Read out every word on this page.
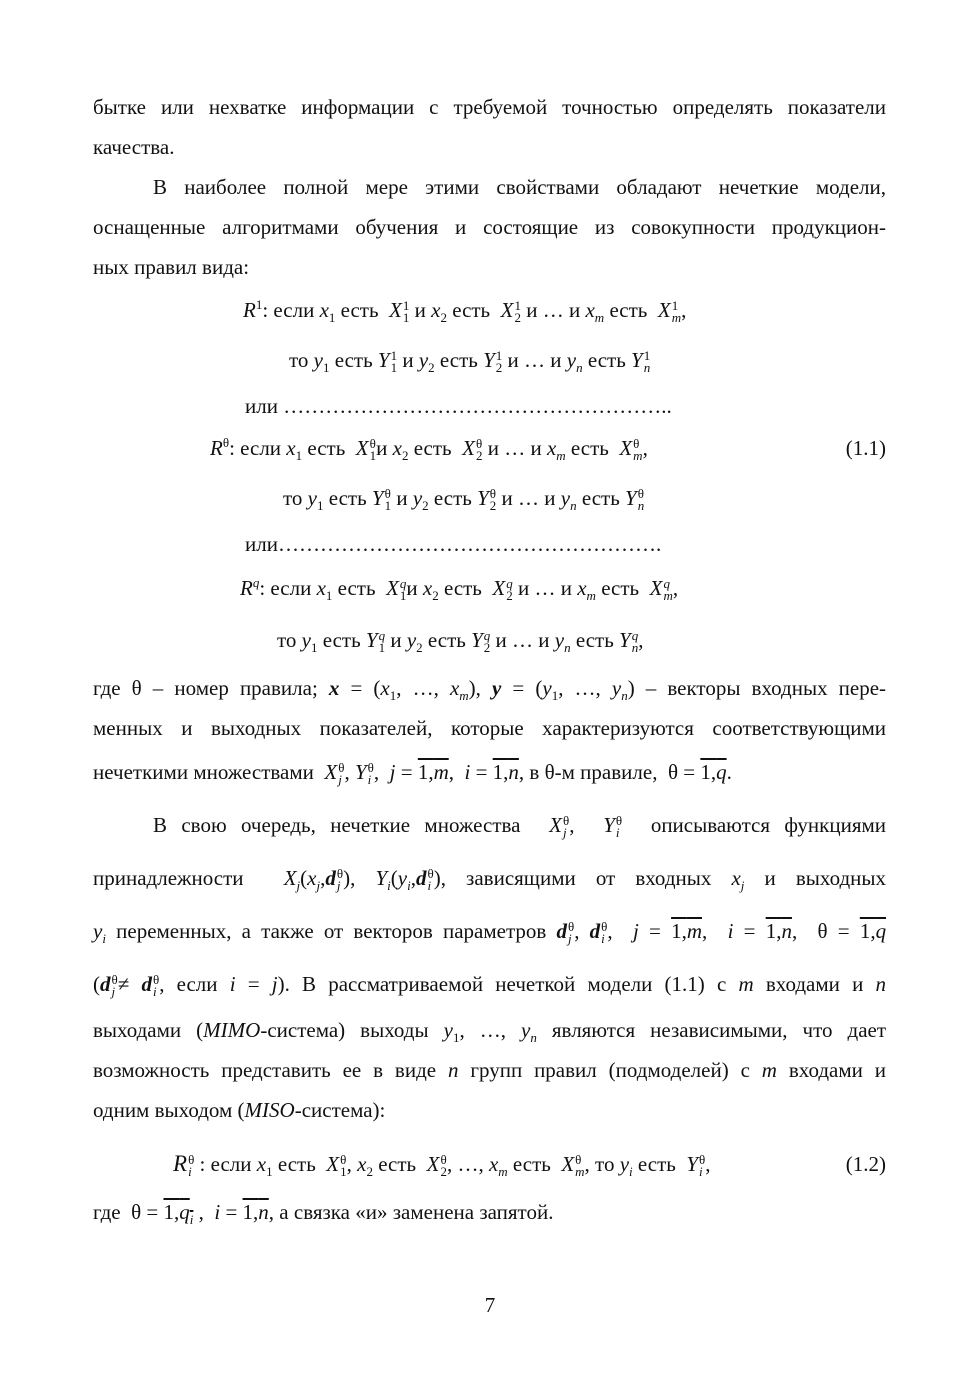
бытке или нехватке информации с требуемой точностью определять показатели
качества.
В наиболее полной мере этими свойствами обладают нечеткие модели,
оснащенные алгоритмами обучения и состоящие из совокупности продукцион-
ных правил вида:
$R^1$: если $x_1$ есть X 1
1 и $x_2$ есть X 1
2 и … и $x_m$ есть X 1
m ,
то $y_1$ есть Y 1
1 и $y_2$ есть Y 1
2 и … и $y_n$ есть Y 1
n
или ………………………………………………..
$R^\theta$: если $x_1$ есть X θ
1 и $x_2$ есть X θ
2 и … и $x_m$ есть X θ
m ,	(1.1)
то $y_1$ есть Y θ
1 и $y_2$ есть Y θ
2 и … и $y_n$ есть Y θ
n
или……………………………………………….
$R^q$: если $x_1$ есть X q
1 и $x_2$ есть X q
2 и … и $x_m$ есть X q
m ,
то $y_1$ есть Y q
1 и $y_2$ есть Y q
2 и … и $y_n$ есть Y q
n ,
где θ – номер правила; $x = (x_1$, …, $x_m$), $y = (y_1$, …, $y_n$) – векторы входных пере-
менных и выходных показателей, которые характеризуются соответствующими
нечеткими множествами X θ
j , Y θ
i ,  j = 1,m,  i = 1,n, в θ-м правиле,  θ = 1,q.
В свою очередь, нечеткие множества X θ
j ,  Y θ
i описываются функциями
принадлежности $X_j(x_j,d$ θ
j ), $Y_i(y_i,d$ θ
i ), зависящими от входных $x_j$ и выходных
$y_i$ переменных, а также от векторов параметров d θ
j , d θ
i ,  j = 1,m,  i = 1,n,  θ = 1,q
(d θ
j ≠ d θ
i , если i = j). В рассматриваемой нечеткой модели (1.1) с m входами и n
выходами (MIMO-система) выходы $y_1$, …, $y_n$ являются независимыми, что дает
возможность представить ее в виде n групп правил (подмоделей) с m входами и
одним выходом (MISO-система):
R θ
i : если $x_1$ есть X θ
1 , $x_2$ есть X θ
2 , …, $x_m$ есть X θ
m , то $y_i$ есть Y θ
i ,	(1.2)
где  $\theta = 1,q_i$ ,  i = 1,n, а связка «и» заменена запятой.
7
